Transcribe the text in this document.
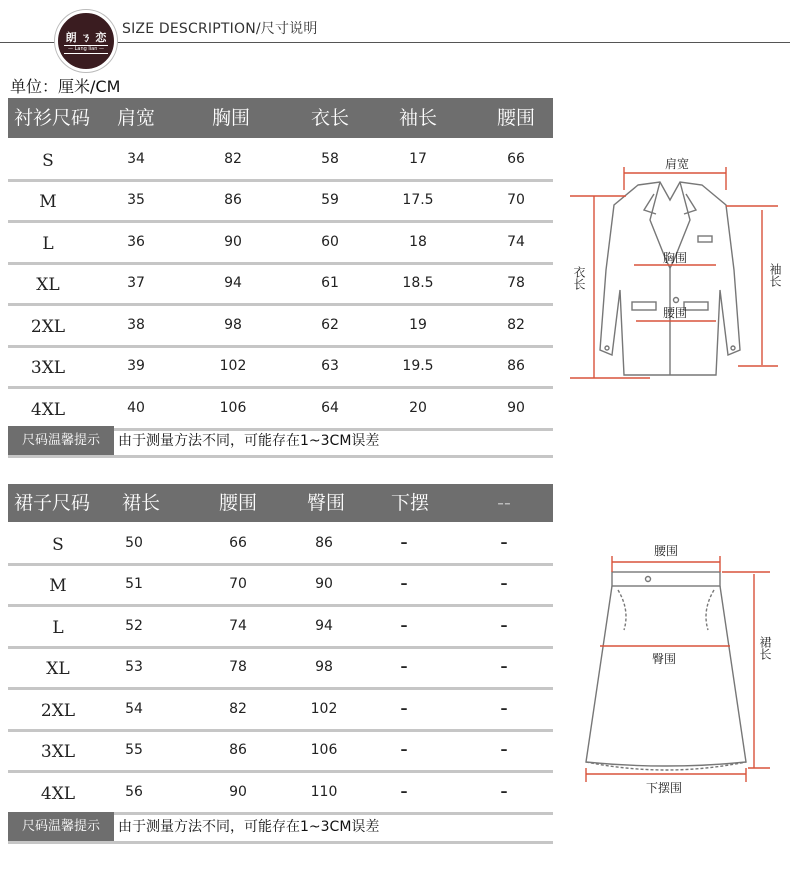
朗 ㄋ 恋
— Lang lian —
SIZE DESCRIPTION/尺寸说明
单位：厘米/CM
衬衫尺码	肩宽	胸围	衣长	袖长	腰围
S	34	82	58	17	66
M	35	86	59	17.5	70
L	36	90	60	18	74
XL	37	94	61	18.5	78
2XL	38	98	62	19	82
3XL	39	102	63	19.5	86
4XL	40	106	64	20	90
尺码温馨提示	由于测量方法不同，可能存在1~3CM误差
裙子尺码	裙长	腰围	臀围	下摆	--
S	50	66	86	–	–
M	51	70	90	–	–
L	52	74	94	–	–
XL	53	78	98	–	–
2XL	54	82	102	–	–
3XL	55	86	106	–	–
4XL	56	90	110	–	–
尺码温馨提示	由于测量方法不同，可能存在1~3CM误差
肩宽
胸围
腰围
衣长	袖长
腰围
臀围
下摆围
裙长
